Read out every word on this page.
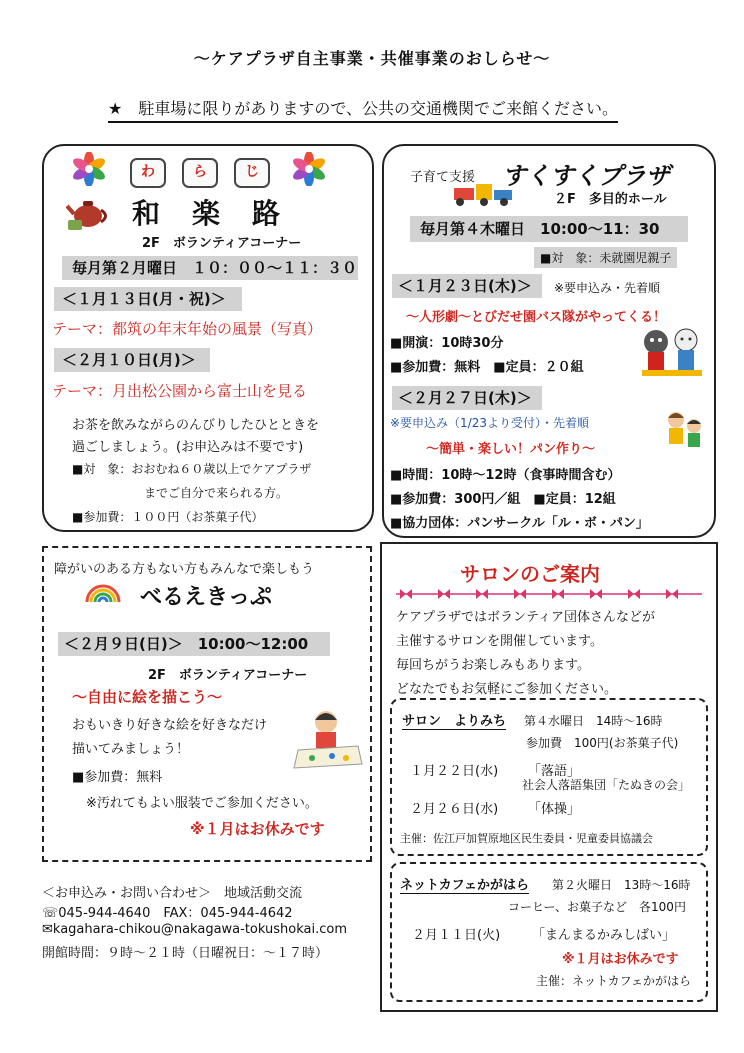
～ケアプラザ自主事業・共催事業のおしらせ～
★　駐車場に限りがありますので、公共の交通機関でご来館ください。
わ	ら	じ
和　楽　路
2F　ボランティアコーナー
毎月第２月曜日　１０：００～１１：３０
＜１月１３日(月・祝)＞
テーマ：都筑の年末年始の風景（写真）
＜２月１０日(月)＞
テーマ：月出松公園から富士山を見る
お茶を飲みながらのんびりしたひとときを
過ごしましょう。(お申込みは不要です)
■対　象：おおむね６０歳以上でケアプラザ
までご自分で来られる方。
■参加費：１００円（お茶菓子代）
子育て支援 すくすくプラザ
２F　多目的ホール
毎月第４木曜日　10:00～11：30
■対　象：未就園児親子
＜１月２３日(木)＞	※要申込み・先着順
～人形劇～とびだせ園バス隊がやってくる！
■開演：10時30分
■参加費：無料　■定員：２０組
＜２月２７日(木)＞
※要申込み（1/23より受付）・先着順
～簡単・楽しい！パン作り～
■時間：10時～12時（食事時間含む）
■参加費：300円／組　■定員：12組
■協力団体：パンサークル「ル・ボ・パン」
障がいのある方もない方もみんなで楽しもう
べるえきっぷ
＜２月９日(日)＞　10:00～12:00
2F　ボランティアコーナー
～自由に絵を描こう～
おもいきり好きな絵を好きなだけ
描いてみましょう！
■参加費：無料
※汚れてもよい服装でご参加ください。
※１月はお休みです
サロンのご案内
ケアプラザではボランティア団体さんなどが
主催するサロンを開催しています。
毎回ちがうお楽しみもあります。
どなたでもお気軽にご参加ください。
サロン　よりみち 第４水曜日　14時～16時
参加費　100円(お茶菓子代)
１月２２日(水) 「落語」
社会人落語集団「たぬきの会」
２月２６日(水) 「体操」
主催：佐江戸加賀原地区民生委員・児童委員協議会
ネットカフェかがはら 第２火曜日　13時～16時
コーヒー、お菓子など　各100円
２月１１日(火) 「まんまるかみしばい」
※１月はお休みです
主催：ネットカフェかがはら
＜お申込み・お問い合わせ＞　地域活動交流
☏045-944-4640　FAX：045-944-4642
✉kagahara-chikou@nakagawa-tokushokai.com
開館時間：９時～２１時（日曜祝日：～１７時）
